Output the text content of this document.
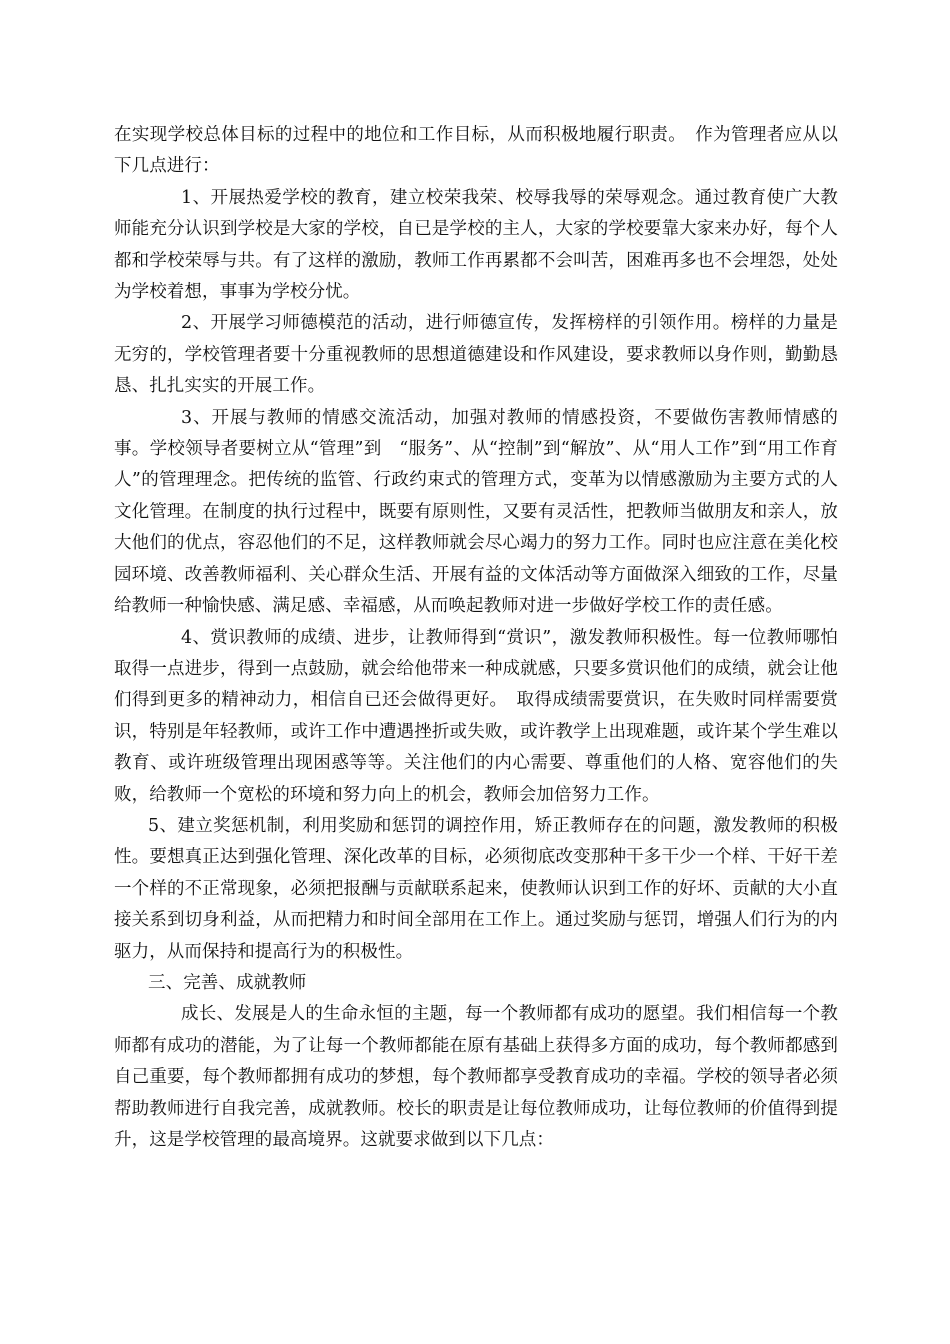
在实现学校总体目标的过程中的地位和工作目标，从而积极地履行职责。　作为管理者应从以下几点进行：

1、开展热爱学校的教育，建立校荣我荣、校辱我辱的荣辱观念。通过教育使广大教师能充分认识到学校是大家的学校，自已是学校的主人，大家的学校要靠大家来办好，每个人都和学校荣辱与共。有了这样的激励，教师工作再累都不会叫苦，困难再多也不会埋怨，处处为学校着想，事事为学校分忧。

2、开展学习师德模范的活动，进行师德宣传，发挥榜样的引领作用。榜样的力量是无穷的，学校管理者要十分重视教师的思想道德建设和作风建设，要求教师以身作则，勤勤恳恳、扎扎实实的开展工作。

3、开展与教师的情感交流活动，加强对教师的情感投资，不要做伤害教师情感的事。学校领导者要树立从“管理”到　“服务”、从“控制”到“解放”、从“用人工作”到“用工作育人”的管理理念。把传统的监管、行政约束式的管理方式，变革为以情感激励为主要方式的人文化管理。在制度的执行过程中，既要有原则性，又要有灵活性，把教师当做朋友和亲人，放大他们的优点，容忍他们的不足，这样教师就会尽心竭力的努力工作。同时也应注意在美化校园环境、改善教师福利、关心群众生活、开展有益的文体活动等方面做深入细致的工作，尽量给教师一种愉快感、满足感、幸福感，从而唤起教师对进一步做好学校工作的责任感。

4、赏识教师的成绩、进步，让教师得到“赏识”，激发教师积极性。每一位教师哪怕取得一点进步，得到一点鼓励，就会给他带来一种成就感，只要多赏识他们的成绩，就会让他们得到更多的精神动力，相信自已还会做得更好。　取得成绩需要赏识，在失败时同样需要赏识，特别是年轻教师，或许工作中遭遇挫折或失败，或许教学上出现难题，或许某个学生难以教育、或许班级管理出现困惑等等。关注他们的内心需要、尊重他们的人格、宽容他们的失败，给教师一个宽松的环境和努力向上的机会，教师会加倍努力工作。

5、建立奖惩机制，利用奖励和惩罚的调控作用，矫正教师存在的问题，激发教师的积极性。要想真正达到强化管理、深化改革的目标，必须彻底改变那种干多干少一个样、干好干差一个样的不正常现象，必须把报酬与贡献联系起来，使教师认识到工作的好坏、贡献的大小直接关系到切身利益，从而把精力和时间全部用在工作上。通过奖励与惩罚，增强人们行为的内驱力，从而保持和提高行为的积极性。

三、完善、成就教师

成长、发展是人的生命永恒的主题，每一个教师都有成功的愿望。我们相信每一个教师都有成功的潜能，为了让每一个教师都能在原有基础上获得多方面的成功，每个教师都感到自己重要，每个教师都拥有成功的梦想，每个教师都享受教育成功的幸福。学校的领导者必须帮助教师进行自我完善，成就教师。校长的职责是让每位教师成功，让每位教师的价值得到提升，这是学校管理的最高境界。这就要求做到以下几点：
